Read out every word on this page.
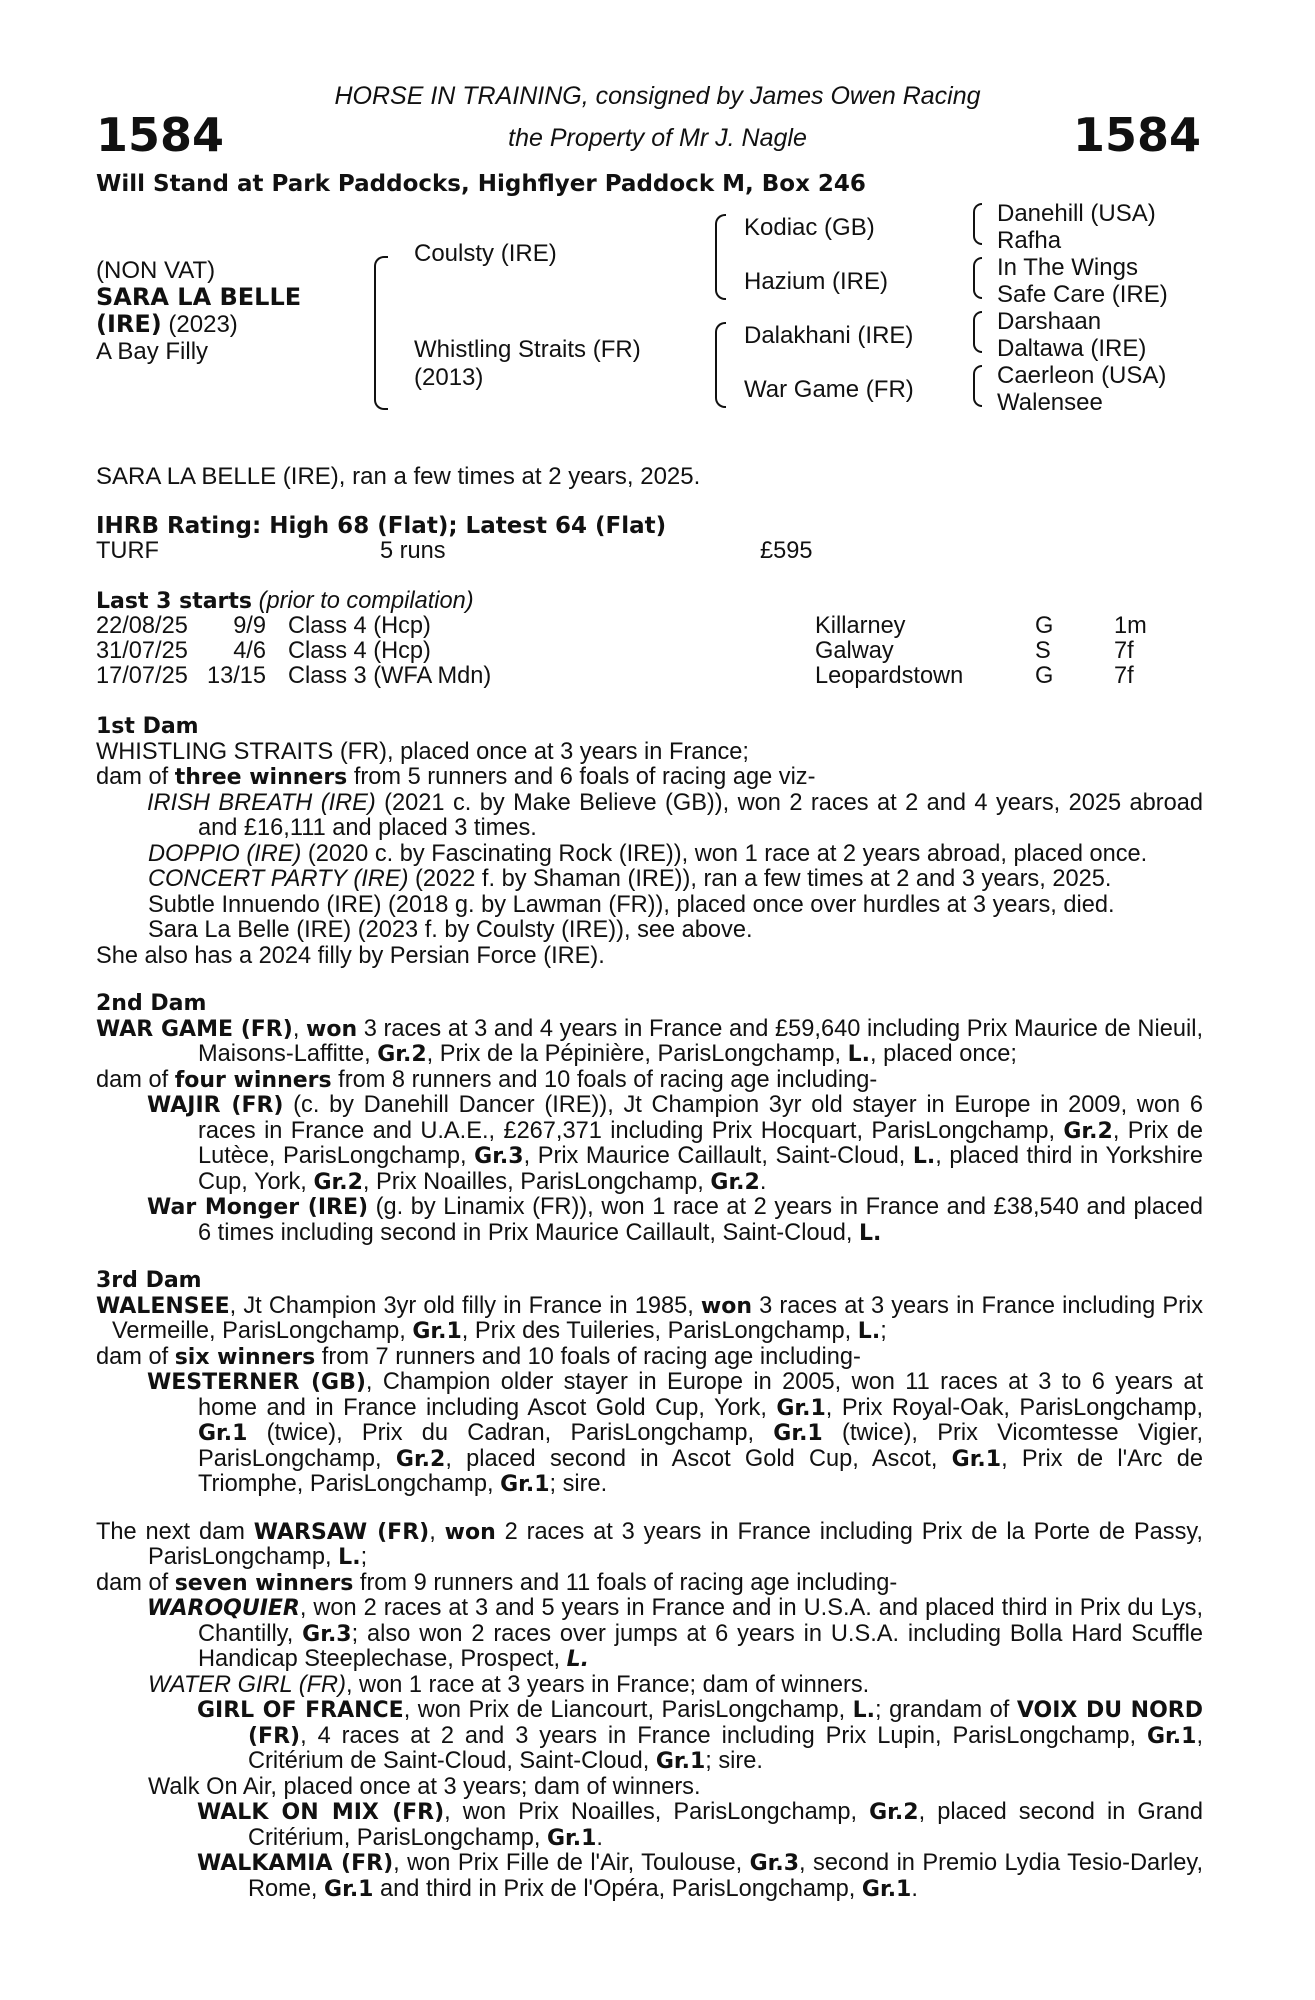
1584	1584
HORSE IN TRAINING, consigned by James Owen Racing
the Property of Mr J. Nagle
Will Stand at Park Paddocks, Highflyer Paddock M, Box 246
(NON VAT)
SARA LA BELLE
(IRE) (2023)
A Bay Filly
Coulsty (IRE)
Whistling Straits (FR)
(2013)
Kodiac (GB)
Hazium (IRE)
Dalakhani (IRE)
War Game (FR)
Danehill (USA)
Rafha
In The Wings
Safe Care (IRE)
Darshaan
Daltawa (IRE)
Caerleon (USA)
Walensee
SARA LA BELLE (IRE), ran a few times at 2 years, 2025.
IHRB Rating: High 68 (Flat); Latest 64 (Flat)
TURF	5 runs	£595
Last 3 starts (prior to compilation)
22/08/25 9/9 Class 4 (Hcp)	Killarney	G	1m
31/07/25 4/6 Class 4 (Hcp)	Galway	S	7f
17/07/25 13/15 Class 3 (WFA Mdn)	Leopardstown	G	7f

1st Dam

WHISTLING STRAITS (FR), placed once at 3 years in France;

dam of three winners from 5 runners and 6 foals of racing age viz-

IRISH BREATH (IRE) (2021 c. by Make Believe (GB)), won 2 races at 2 and 4 years, 2025 abroad and £16,111 and placed 3 times.

DOPPIO (IRE) (2020 c. by Fascinating Rock (IRE)), won 1 race at 2 years abroad, placed once.

CONCERT PARTY (IRE) (2022 f. by Shaman (IRE)), ran a few times at 2 and 3 years, 2025.

Subtle Innuendo (IRE) (2018 g. by Lawman (FR)), placed once over hurdles at 3 years, died.

Sara La Belle (IRE) (2023 f. by Coulsty (IRE)), see above.

She also has a 2024 filly by Persian Force (IRE).

2nd Dam

WAR GAME (FR), won 3 races at 3 and 4 years in France and £59,640 including Prix Maurice de Nieuil, Maisons-Laffitte, Gr.2, Prix de la Pépinière, ParisLongchamp, L., placed once;

dam of four winners from 8 runners and 10 foals of racing age including-

WAJIR (FR) (c. by Danehill Dancer (IRE)), Jt Champion 3yr old stayer in Europe in 2009, won 6 races in France and U.A.E., £267,371 including Prix Hocquart, ParisLongchamp, Gr.2, Prix de Lutèce, ParisLongchamp, Gr.3, Prix Maurice Caillault, Saint-Cloud, L., placed third in Yorkshire Cup, York, Gr.2, Prix Noailles, ParisLongchamp, Gr.2.

War Monger (IRE) (g. by Linamix (FR)), won 1 race at 2 years in France and £38,540 and placed 6 times including second in Prix Maurice Caillault, Saint-Cloud, L.

3rd Dam

WALENSEE, Jt Champion 3yr old filly in France in 1985, won 3 races at 3 years in France including Prix Vermeille, ParisLongchamp, Gr.1, Prix des Tuileries, ParisLongchamp, L.;

dam of six winners from 7 runners and 10 foals of racing age including-

WESTERNER (GB), Champion older stayer in Europe in 2005, won 11 races at 3 to 6 years at home and in France including Ascot Gold Cup, York, Gr.1, Prix Royal-Oak, ParisLongchamp, Gr.1 (twice), Prix du Cadran, ParisLongchamp, Gr.1 (twice), Prix Vicomtesse Vigier, ParisLongchamp, Gr.2, placed second in Ascot Gold Cup, Ascot, Gr.1, Prix de l'Arc de Triomphe, ParisLongchamp, Gr.1; sire.

The next dam WARSAW (FR), won 2 races at 3 years in France including Prix de la Porte de Passy, ParisLongchamp, L.;

dam of seven winners from 9 runners and 11 foals of racing age including-

WAROQUIER, won 2 races at 3 and 5 years in France and in U.S.A. and placed third in Prix du Lys, Chantilly, Gr.3; also won 2 races over jumps at 6 years in U.S.A. including Bolla Hard Scuffle Handicap Steeplechase, Prospect, L.

WATER GIRL (FR), won 1 race at 3 years in France; dam of winners.

GIRL OF FRANCE, won Prix de Liancourt, ParisLongchamp, L.; grandam of VOIX DU NORD (FR), 4 races at 2 and 3 years in France including Prix Lupin, ParisLongchamp, Gr.1, Critérium de Saint-Cloud, Saint-Cloud, Gr.1; sire.

Walk On Air, placed once at 3 years; dam of winners.

WALK ON MIX (FR), won Prix Noailles, ParisLongchamp, Gr.2, placed second in Grand Critérium, ParisLongchamp, Gr.1.

WALKAMIA (FR), won Prix Fille de l'Air, Toulouse, Gr.3, second in Premio Lydia Tesio-Darley, Rome, Gr.1 and third in Prix de l'Opéra, ParisLongchamp, Gr.1.
